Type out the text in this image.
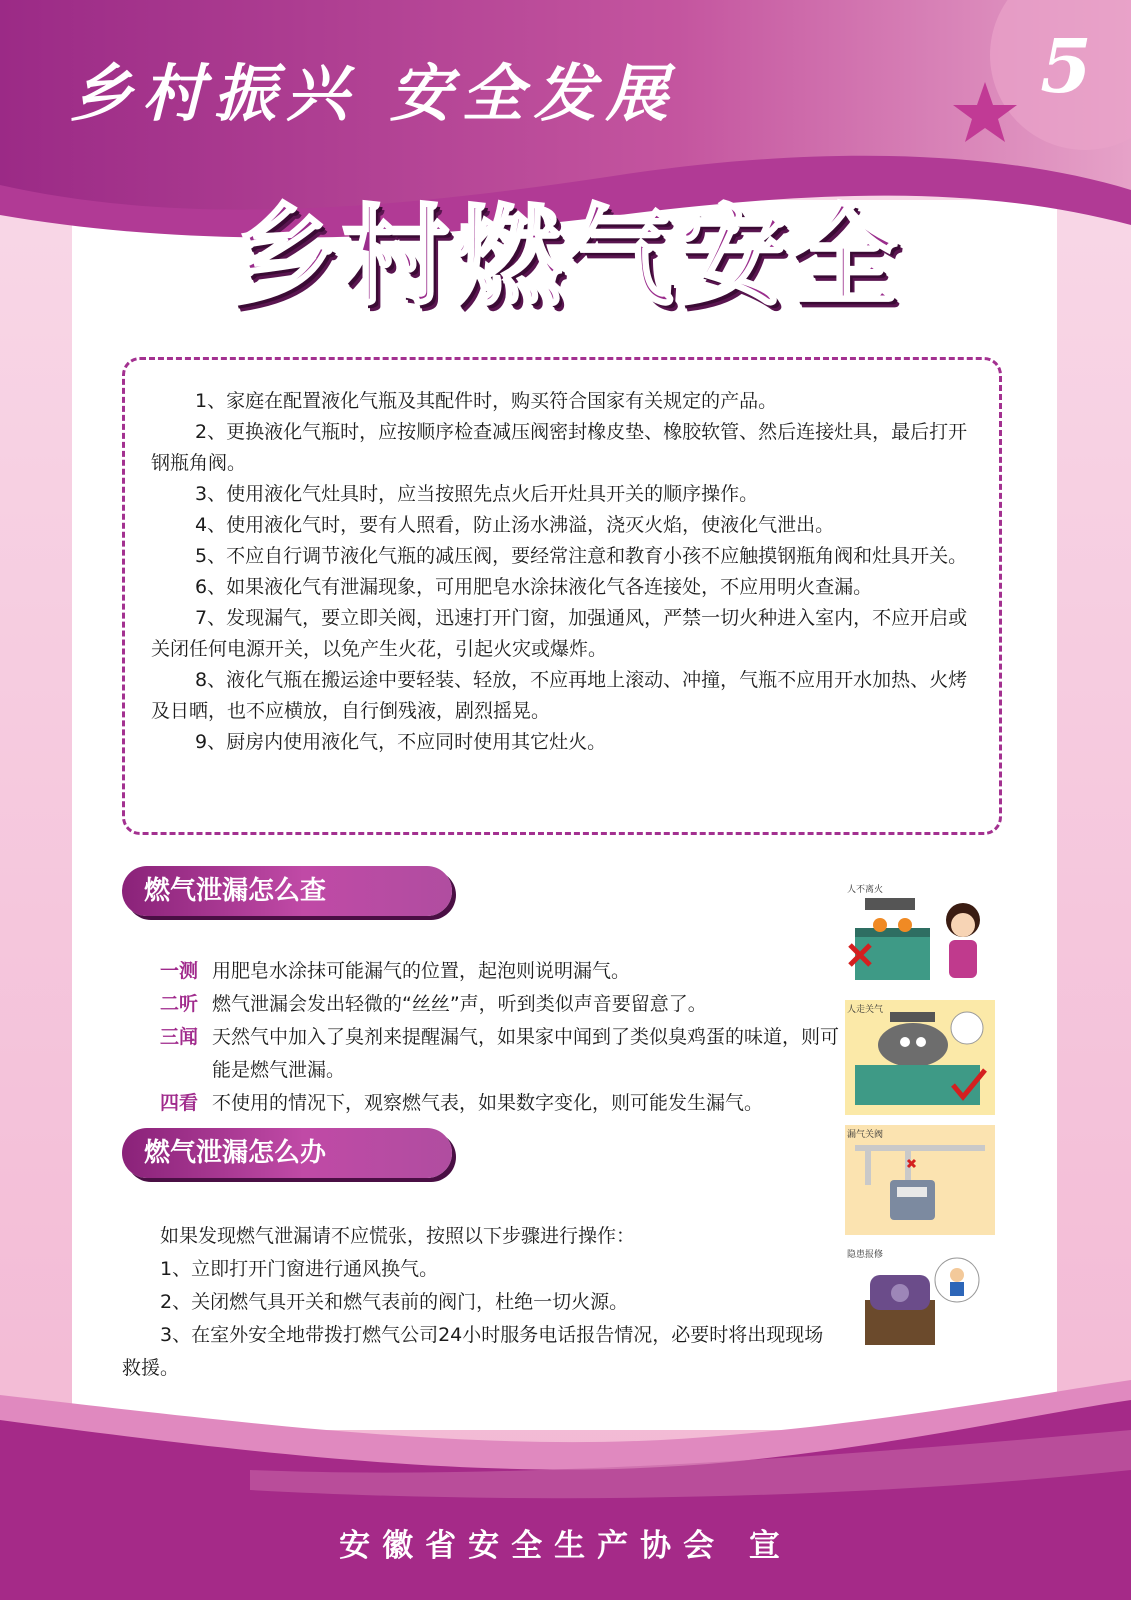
5
乡村振兴 安全发展
乡村燃气安全

1、家庭在配置液化气瓶及其配件时，购买符合国家有关规定的产品。

2、更换液化气瓶时，应按顺序检查减压阀密封橡皮垫、橡胶软管、然后连接灶具，最后打开钢瓶角阀。

3、使用液化气灶具时，应当按照先点火后开灶具开关的顺序操作。

4、使用液化气时，要有人照看，防止汤水沸溢，浇灭火焰，使液化气泄出。

5、不应自行调节液化气瓶的减压阀，要经常注意和教育小孩不应触摸钢瓶角阀和灶具开关。

6、如果液化气有泄漏现象，可用肥皂水涂抹液化气各连接处，不应用明火查漏。

7、发现漏气，要立即关阀，迅速打开门窗，加强通风，严禁一切火种进入室内，不应开启或关闭任何电源开关，以免产生火花，引起火灾或爆炸。

8、液化气瓶在搬运途中要轻装、轻放，不应再地上滚动、冲撞，气瓶不应用开水加热、火烤及日晒，也不应横放，自行倒残液，剧烈摇晃。

9、厨房内使用液化气，不应同时使用其它灶火。

燃气泄漏怎么查
一测 用肥皂水涂抹可能漏气的位置，起泡则说明漏气。
二听 燃气泄漏会发出轻微的“丝丝”声，听到类似声音要留意了。
三闻 天然气中加入了臭剂来提醒漏气，如果家中闻到了类似臭鸡蛋的味道，则可能是燃气泄漏。
四看 不使用的情况下，观察燃气表，如果数字变化，则可能发生漏气。
燃气泄漏怎么办

如果发现燃气泄漏请不应慌张，按照以下步骤进行操作：

1、立即打开门窗进行通风换气。

2、关闭燃气具开关和燃气表前的阀门，杜绝一切火源。

3、在室外安全地带拨打燃气公司24小时服务电话报告情况，必要时将出现现场救援。

人不离火
人走关气
漏气关阀
隐患报修
安徽省安全生产协会 宣
